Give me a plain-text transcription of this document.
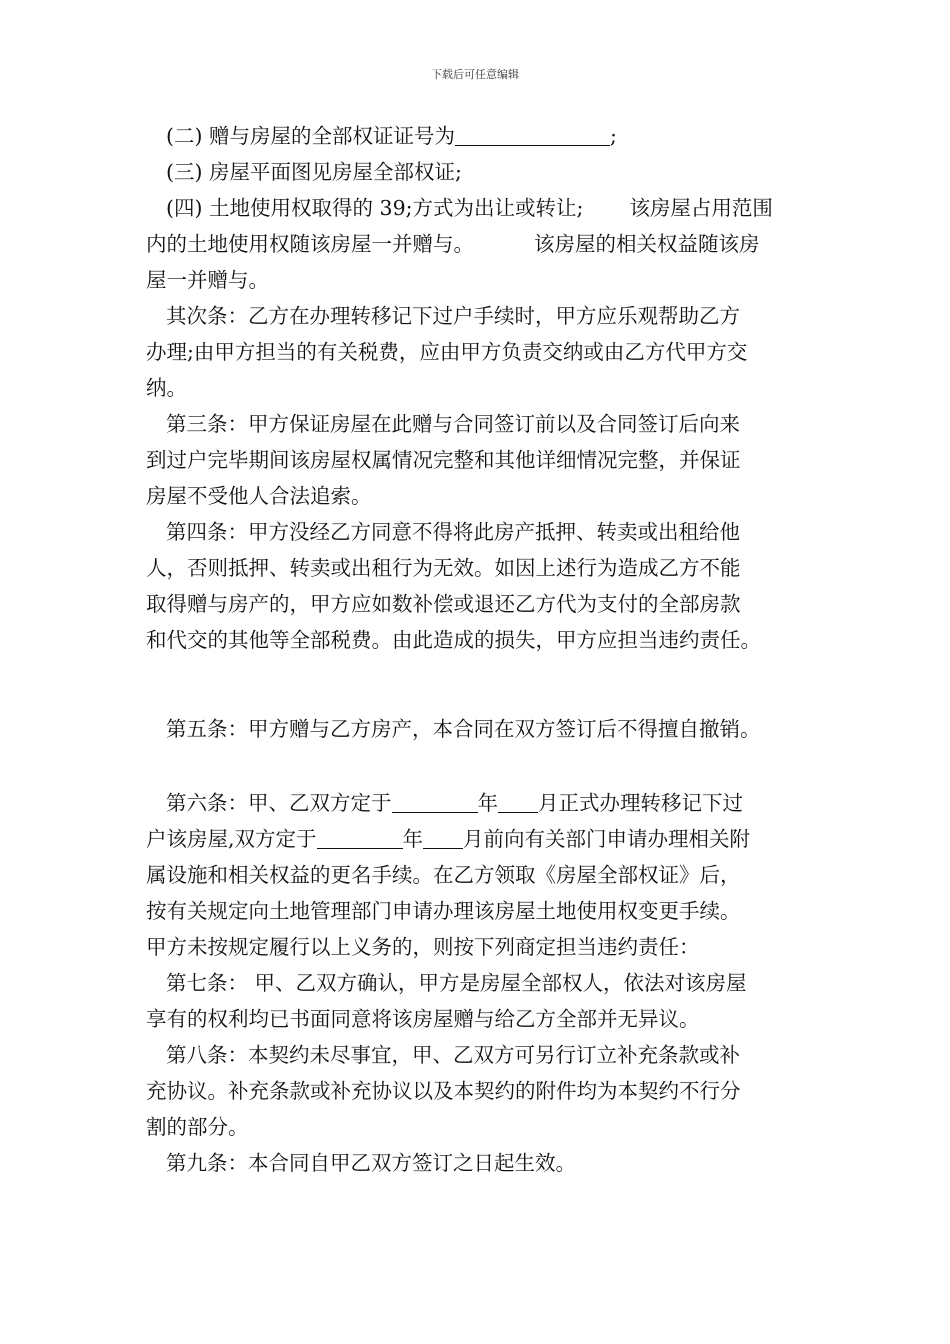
下载后可任意编辑
(二) 赠与房屋的全部权证证号为	;
(三) 房屋平面图见房屋全部权证;
(四) 土地使用权取得的 39;方式为出让或转让; 该房屋占用范围
内的土地使用权随该房屋一并赠与。	该房屋的相关权益随该房
屋一并赠与。
其次条：乙方在办理转移记下过户手续时，甲方应乐观帮助乙方
办理;由甲方担当的有关税费，应由甲方负责交纳或由乙方代甲方交
纳。
第三条：甲方保证房屋在此赠与合同签订前以及合同签订后向来
到过户完毕期间该房屋权属情况完整和其他详细情况完整，并保证
房屋不受他人合法追索。
第四条：甲方没经乙方同意不得将此房产抵押、转卖或出租给他
人，否则抵押、转卖或出租行为无效。如因上述行为造成乙方不能
取得赠与房产的，甲方应如数补偿或退还乙方代为支付的全部房款
和代交的其他等全部税费。由此造成的损失，甲方应担当违约责任。
第五条：甲方赠与乙方房产，本合同在双方签订后不得擅自撤销。
第六条：甲、乙双方定于	年 月正式办理转移记下过
户该房屋,双方定于	年 月前向有关部门申请办理相关附
属设施和相关权益的更名手续。在乙方领取《房屋全部权证》后，
按有关规定向土地管理部门申请办理该房屋土地使用权变更手续。
甲方未按规定履行以上义务的，则按下列商定担当违约责任：
第七条： 甲、乙双方确认，甲方是房屋全部权人，依法对该房屋
享有的权利均已书面同意将该房屋赠与给乙方全部并无异议。
第八条：本契约未尽事宜，甲、乙双方可另行订立补充条款或补
充协议。补充条款或补充协议以及本契约的附件均为本契约不行分
割的部分。
第九条：本合同自甲乙双方签订之日起生效。
